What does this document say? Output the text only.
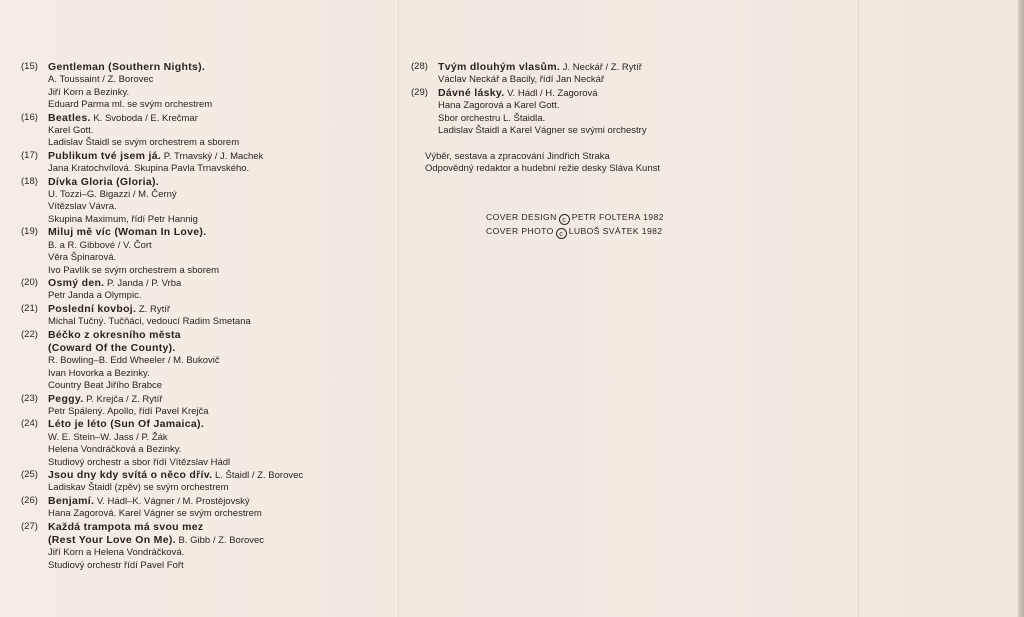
(15) Gentleman (Southern Nights).
A. Toussaint / Z. Borovec
Jiří Korn a Bezinky.
Eduard Parma ml. se svým orchestrem
(16) Beatles. K. Svoboda / E. Krečmar
Karel Gott.
Ladislav Štaidl se svým orchestrem a sborem
(17) Publikum tvé jsem já. P. Trnavský / J. Machek
Jana Kratochvílová. Skupina Pavla Trnavského.
(18) Dívka Gloria (Gloria).
U. Tozzi–G. Bigazzi / M. Černý
Vítězslav Vávra.
Skupina Maximum, řídí Petr Hannig
(19) Miluj mě víc (Woman In Love).
B. a R. Gibbové / V. Čort
Věra Špinarová.
Ivo Pavlík se svým orchestrem a sborem
(20) Osmý den. P. Janda / P. Vrba
Petr Janda a Olympic.
(21) Poslední kovboj. Z. Rytíř
Michal Tučný. Tučňáci, vedoucí Radim Smetana
(22) Béčko z okresního města
(Coward Of the County).
R. Bowling–B. Edd Wheeler / M. Bukovič
Ivan Hovorka a Bezinky.
Country Beat Jiřího Brabce
(23) Peggy. P. Krejča / Z. Rytíř
Petr Spálený. Apollo, řídí Pavel Krejča
(24) Léto je léto (Sun Of Jamaica).
W. E. Stein–W. Jass / P. Žák
Helena Vondráčková a Bezinky.
Studiový orchestr a sbor řídí Vítězslav Hádl
(25) Jsou dny kdy svítá o něco dřív. L. Štaidl / Z. Borovec
Ladiskav Štaidl (zpěv) se svým orchestrem
(26) Benjamí. V. Hádl–K. Vágner / M. Prostějovský
Hana Zagorová. Karel Vágner se svým orchestrem
(27) Každá trampota má svou mez
(Rest Your Love On Me). B. Gibb / Z. Borovec
Jiří Korn a Helena Vondráčková.
Studiový orchestr řídí Pavel Fořt
(28) Tvým dlouhým vlasům. J. Neckář / Z. Rytíř
Václav Neckář a Bacily, řídí Jan Neckář
(29) Dávné lásky. V. Hádl / H. Zagorová
Hana Zagorová a Karel Gott.
Sbor orchestru L. Štaidla.
Ladislav Štaidl a Karel Vágner se svými orchestry
Výběr, sestava a zpracování Jindřich Straka
Odpovědný redaktor a hudební režie desky Sláva Kunst
COVER DESIGN c PETR FOLTERA 1982
COVER PHOTO c LUBOŠ SVÁTEK 1982
